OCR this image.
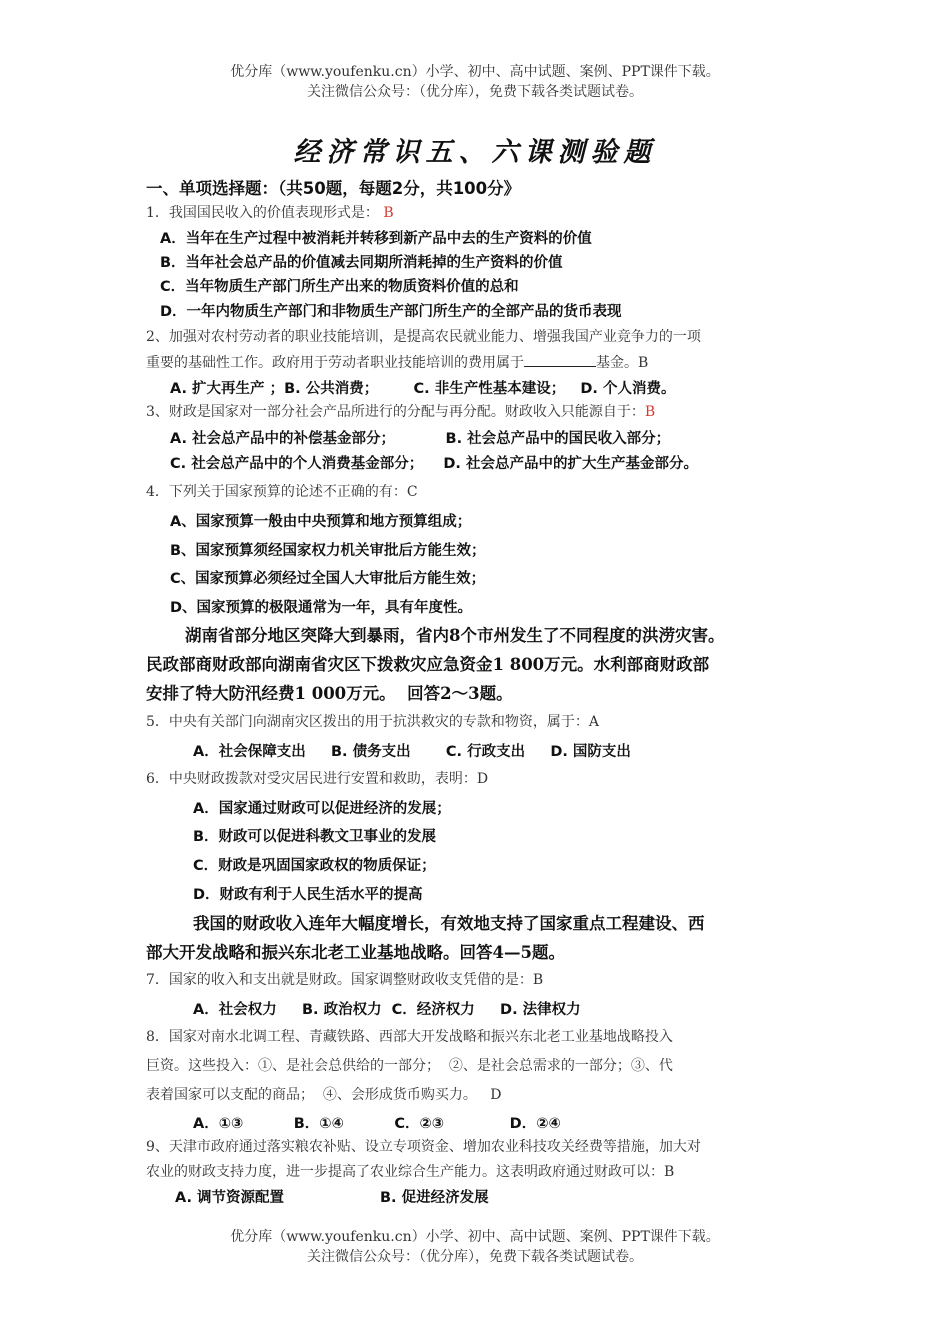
优分库（www.youfenku.cn）小学、初中、高中试题、案例、PPT课件下载。
关注微信公众号：（优分库），免费下载各类试题试卷。
经济常识五、六课测验题
一、单项选择题：（共50题，每题2分，共100分》
1．我国国民收入的价值表现形式是： B
A．当年在生产过程中被消耗并转移到新产品中去的生产资料的价值
B．当年社会总产品的价值减去同期所消耗掉的生产资料的价值
C．当年物质生产部门所生产出来的物质资料价值的总和
D．一年内物质生产部门和非物质生产部门所生产的全部产品的货币表现
2、加强对农村劳动者的职业技能培训，是提高农民就业能力、增强我国产业竞争力的一项
重要的基础性工作。政府用于劳动者职业技能培训的费用属于	基金。B
A. 扩大再生产 ；B. 公共消费；       C. 非生产性基本建设；   D. 个人消费。
3、财政是国家对一部分社会产品所进行的分配与再分配。财政收入只能源自于：B
A. 社会总产品中的补偿基金部分；          B. 社会总产品中的国民收入部分；
C. 社会总产品中的个人消费基金部分；    D. 社会总产品中的扩大生产基金部分。
4．下列关于国家预算的论述不正确的有：C
A、国家预算一般由中央预算和地方预算组成；
B、国家预算须经国家权力机关审批后方能生效；
C、国家预算必须经过全国人大审批后方能生效；
D、国家预算的极限通常为一年，具有年度性。
湖南省部分地区突降大到暴雨，省内8个市州发生了不同程度的洪涝灾害。
民政部商财政部向湖南省灾区下拨救灾应急资金1 800万元。水利部商财政部
安排了特大防汛经费1 000万元。  回答2～3题。
5．中央有关部门向湖南灾区拨出的用于抗洪救灾的专款和物资，属于：A
A．社会保障支出     B. 债务支出       C. 行政支出     D. 国防支出
6．中央财政拨款对受灾居民进行安置和救助，表明：D
A．国家通过财政可以促进经济的发展；
B．财政可以促进科教文卫事业的发展
C．财政是巩固国家政权的物质保证；
D．财政有利于人民生活水平的提高
我国的财政收入连年大幅度增长，有效地支持了国家重点工程建设、西
部大开发战略和振兴东北老工业基地战略。回答4—5题。
7．国家的收入和支出就是财政。国家调整财政收支凭借的是：B
A．社会权力     B. 政治权力  C．经济权力     D. 法律权力
8．国家对南水北调工程、青藏铁路、西部大开发战略和振兴东北老工业基地战略投入
巨资。这些投入：①、是社会总供给的一部分；  ②、是社会总需求的一部分；③、代
表着国家可以支配的商品；  ④、会形成货币购买力。   D
A．①③          B．①④          C．②③             D．②④
9、天津市政府通过落实粮农补贴、设立专项资金、增加农业科技攻关经费等措施，加大对
农业的财政支持力度，进一步提高了农业综合生产能力。这表明政府通过财政可以：B
A. 调节资源配置                   B. 促进经济发展
优分库（www.youfenku.cn）小学、初中、高中试题、案例、PPT课件下载。
关注微信公众号：（优分库），免费下载各类试题试卷。
